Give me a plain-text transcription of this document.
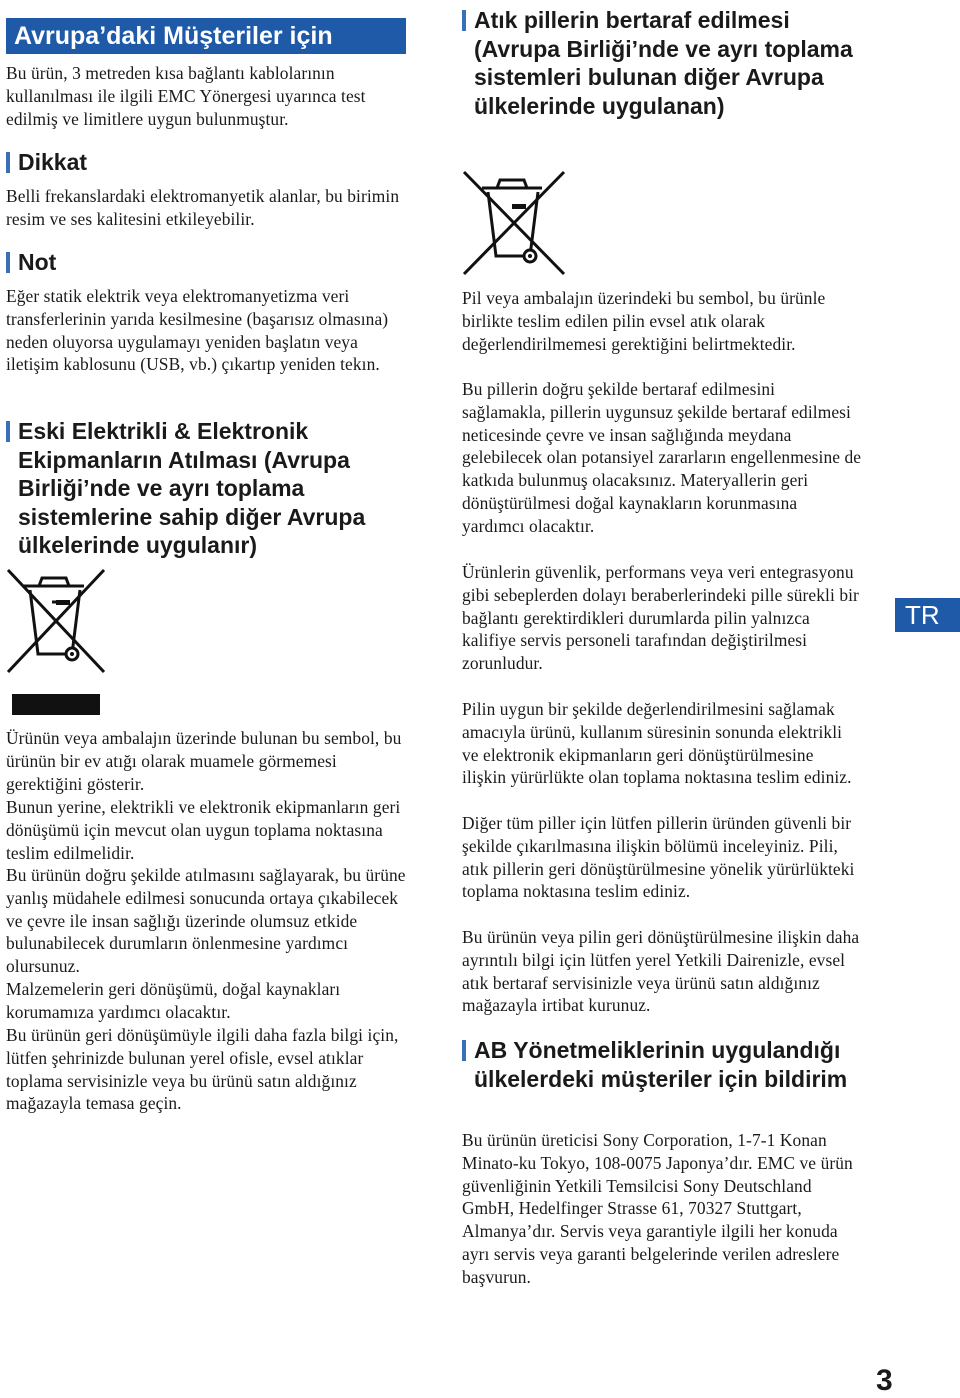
Avrupa’daki Müşteriler için

Bu ürün, 3 metreden kısa bağlantı kablolarının kullanılması ile ilgili EMC Yönergesi uyarınca test edilmiş ve limitlere uygun bulunmuştur.

Dikkat

Belli frekanslardaki elektromanyetik alanlar, bu birimin resim ve ses kalitesini etkileyebilir.

Not

Eğer statik elektrik veya elektromanyetizma veri transferlerinin yarıda kesilmesine (başarısız olmasına) neden oluyorsa uygulamayı yeniden başlatın veya iletişim kablosunu (USB, vb.) çıkartıp yeniden tekın.

Eski Elektrikli & Elektronik Ekipmanların Atılması (Avrupa Birliği’nde ve ayrı toplama sistemlerine sahip diğer Avrupa ülkelerinde uygulanır)

Ürünün veya ambalajın üzerinde bulunan bu sembol, bu ürünün bir ev atığı olarak muamele görmemesi gerektiğini gösterir.

Bunun yerine, elektrikli ve elektronik ekipmanların geri dönüşümü için mevcut olan uygun toplama noktasına teslim edilmelidir.

Bu ürünün doğru şekilde atılmasını sağlayarak, bu ürüne yanlış müdahele edilmesi sonucunda ortaya çıkabilecek ve çevre ile insan sağlığı üzerinde olumsuz etkide bulunabilecek durumların önlenmesine yardımcı olursunuz.

Malzemelerin geri dönüşümü, doğal kaynakları korumamıza yardımcı olacaktır.

Bu ürünün geri dönüşümüyle ilgili daha fazla bilgi için, lütfen şehrinizde bulunan yerel ofisle, evsel atıklar toplama servisinizle veya bu ürünü satın aldığınız mağazayla temasa geçin.

Atık pillerin bertaraf edilmesi (Avrupa Birliği’nde ve ayrı toplama sistemleri bulunan diğer Avrupa ülkelerinde uygulanan)

Pil veya ambalajın üzerindeki bu sembol, bu ürünle birlikte teslim edilen pilin evsel atık olarak değerlendirilmemesi gerektiğini belirtmektedir.

Bu pillerin doğru şekilde bertaraf edilmesini sağlamakla, pillerin uygunsuz şekilde bertaraf edilmesi neticesinde çevre ve insan sağlığında meydana gelebilecek olan potansiyel zararların engellenmesine de katkıda bulunmuş olacaksınız. Materyallerin geri dönüştürülmesi doğal kaynakların korunmasına yardımcı olacaktır.

Ürünlerin güvenlik, performans veya veri entegrasyonu gibi sebeplerden dolayı beraberlerindeki pille sürekli bir bağlantı gerektirdikleri durumlarda pilin yalnızca kalifiye servis personeli tarafından değiştirilmesi zorunludur.

Pilin uygun bir şekilde değerlendirilmesini sağlamak amacıyla ürünü, kullanım süresinin sonunda elektrikli ve elektronik ekipmanların geri dönüştürülmesine ilişkin yürürlükte olan toplama noktasına teslim ediniz.

Diğer tüm piller için lütfen pillerin üründen güvenli bir şekilde çıkarılmasına ilişkin bölümü inceleyiniz. Pili, atık pillerin geri dönüştürülmesine yönelik yürürlükteki toplama noktasına teslim ediniz.

Bu ürünün veya pilin geri dönüştürülmesine ilişkin daha ayrıntılı bilgi için lütfen yerel Yetkili Dairenizle, evsel atık bertaraf servisinizle veya ürünü satın aldığınız mağazayla irtibat kurunuz.

AB Yönetmeliklerinin uygulandığı ülkelerdeki müşteriler için bildirim

Bu ürünün üreticisi Sony Corporation, 1-7-1 Konan Minato-ku Tokyo, 108-0075 Japonya’dır. EMC ve ürün güvenliğinin Yetkili Temsilcisi Sony Deutschland GmbH, Hedelfinger Strasse 61, 70327 Stuttgart, Almanya’dır. Servis veya garantiyle ilgili her konuda ayrı servis veya garanti belgelerinde verilen adreslere başvurun.

TR
3
